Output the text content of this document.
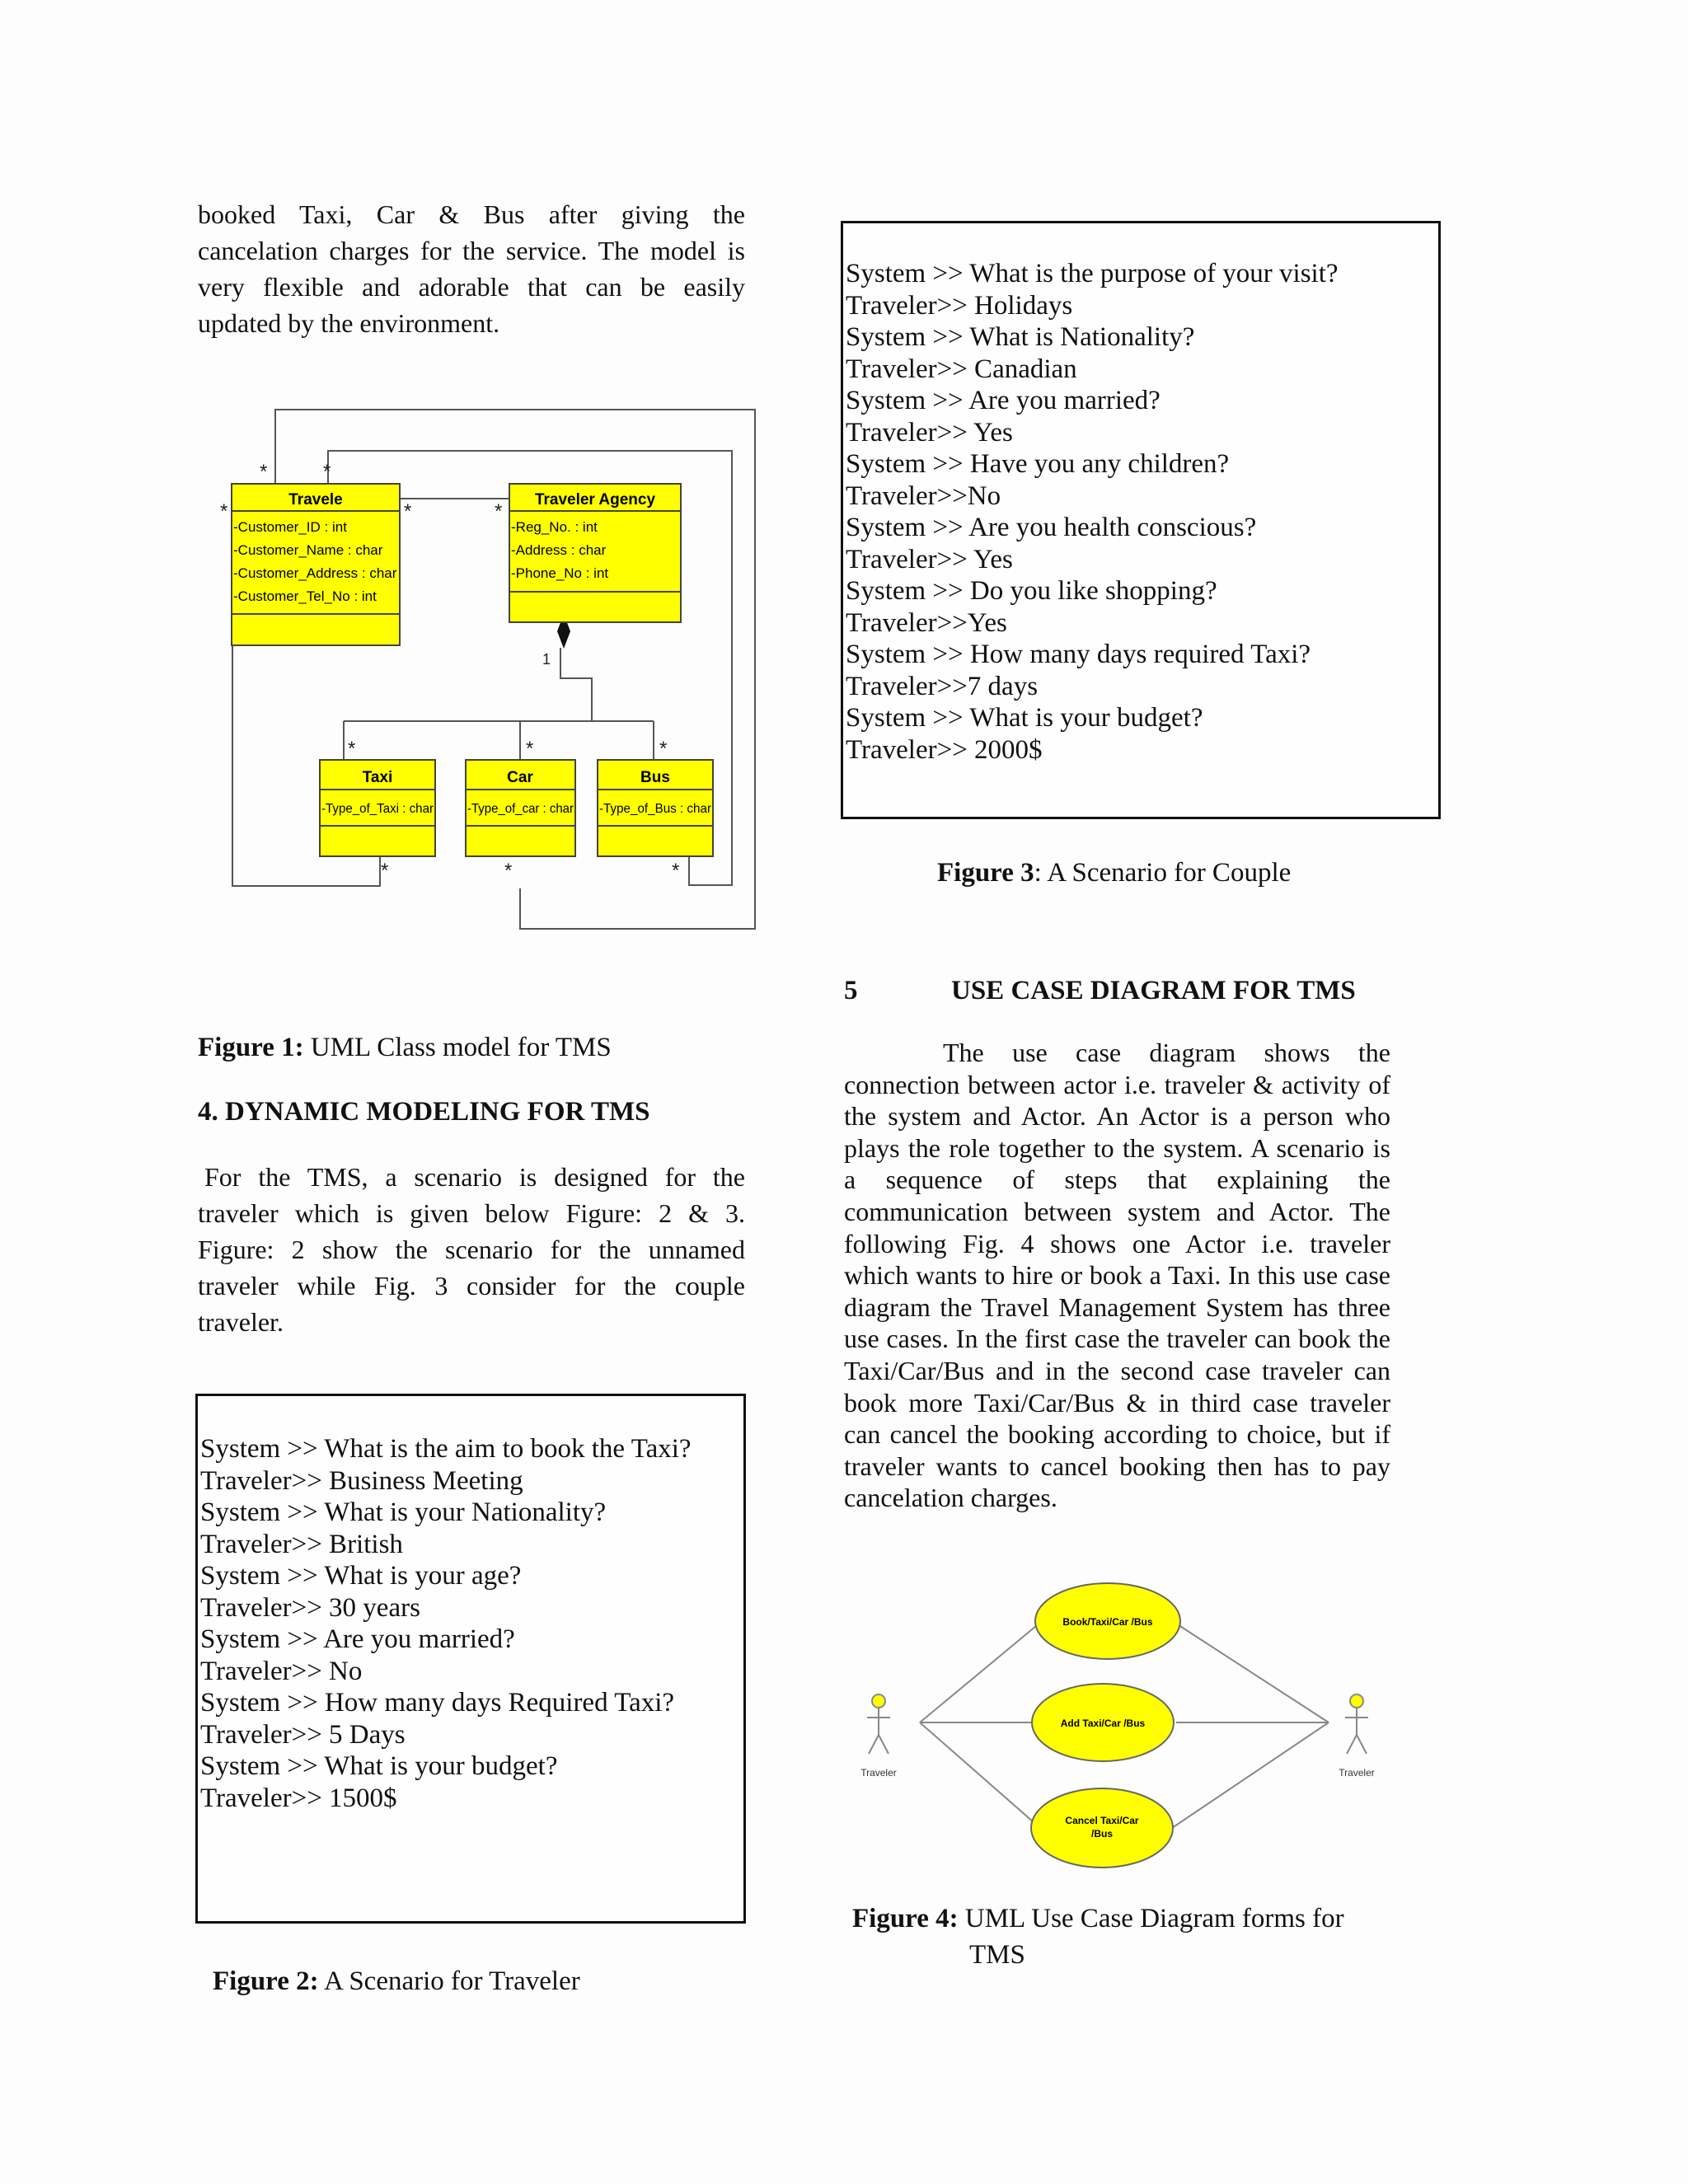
booked Taxi, Car & Bus after giving the cancelation charges for the service. The model is very flexible and adorable that can be easily updated by the environment.

Travele
-Customer_ID : int
-Customer_Name : char
-Customer_Address : char
-Customer_Tel_No : int
Traveler Agency
-Reg_No. : int
-Address : char
-Phone_No : int
Taxi
-Type_of_Taxi : char
Car
-Type_of_car : char
Bus
-Type_of_Bus : char
*	*
*	*	*
*	*	*
*	*	*
1
Figure 1: UML Class model for TMS
4. DYNAMIC MODELING FOR TMS

For the TMS, a scenario is designed for the traveler which is given below Figure: 2 & 3. Figure: 2 show the scenario for the unnamed traveler while Fig. 3 consider for the couple traveler.

System >> What is the aim to book the Taxi?

Traveler>> Business Meeting

System >> What is your Nationality?

Traveler>> British

System >> What is your age?

Traveler>> 30 years

System >> Are you married?

Traveler>> No

System >> How many days Required Taxi?

Traveler>> 5 Days

System >> What is your budget?

Traveler>> 1500$

Figure 2: A Scenario for Traveler

System >> What is the purpose of your visit?

Traveler>> Holidays

System >> What is Nationality?

Traveler>> Canadian

System >> Are you married?

Traveler>> Yes

System >> Have you any children?

Traveler>>No

System >> Are you health conscious?

Traveler>> Yes

System >> Do you like shopping?

Traveler>>Yes

System >> How many days required Taxi?

Traveler>>7 days

System >> What is your budget?

Traveler>> 2000$

Figure 3: A Scenario for Couple
5	USE CASE DIAGRAM FOR TMS

The use case diagram shows the connection between actor i.e. traveler & activity of the system and Actor. An Actor is a person who plays the role together to the system. A scenario is a sequence of steps that explaining the communication between system and Actor. The following Fig. 4 shows one Actor i.e. traveler which wants to hire or book a Taxi. In this use case diagram the Travel Management System has three use cases. In the first case the traveler can book the Taxi/Car/Bus and in the second case traveler can book more Taxi/Car/Bus & in third case traveler can cancel the booking according to choice, but if traveler wants to cancel booking then has to pay cancelation charges.

Book/Taxi/Car /Bus
Add Taxi/Car /Bus
Cancel Taxi/Car
/Bus
Traveler	Traveler
Figure 4: UML Use Case Diagram forms for
TMS
